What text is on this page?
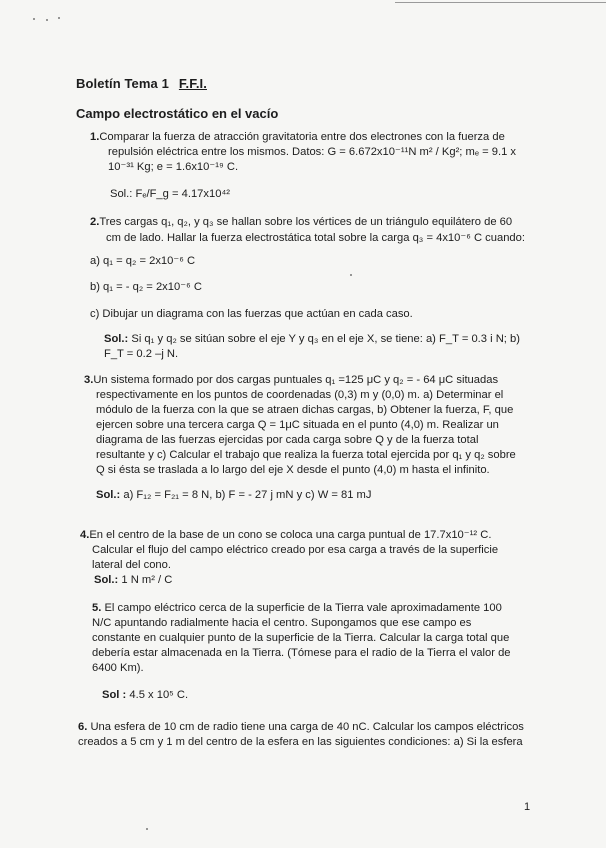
Boletín Tema 1 F.F.I.
Campo electrostático en el vacío

1.Comparar la fuerza de atracción gravitatoria entre dos electrones con la fuerza de

repulsión eléctrica entre los mismos. Datos: G = 6.672x10⁻¹¹N m² / Kg²; mₑ = 9.1 x

10⁻³¹ Kg; e = 1.6x10⁻¹⁹ C.

Sol.: Fₑ/F_g = 4.17x10⁴²

2.Tres cargas q₁, q₂, y q₃ se hallan sobre los vértices de un triángulo equilátero de 60

cm de lado. Hallar la fuerza electrostática total sobre la carga q₃ = 4x10⁻⁶ C cuando:

a) q₁ = q₂ = 2x10⁻⁶ C
b) q₁ = - q₂ = 2x10⁻⁶ C
c) Dibujar un diagrama con las fuerzas que actúan en cada caso.

Sol.: Si q₁ y q₂ se sitúan sobre el eje Y y q₃ en el eje X, se tiene: a) F_T = 0.3 i N; b)

F_T = 0.2 –j N.

3.Un sistema formado por dos cargas puntuales q₁ =125 μC y q₂ = - 64 μC situadas

respectivamente en los puntos de coordenadas (0,3) m y (0,0) m. a) Determinar el

módulo de la fuerza con la que se atraen dichas cargas, b) Obtener la fuerza, F, que

ejercen sobre una tercera carga Q = 1μC situada en el punto (4,0) m. Realizar un

diagrama de las fuerzas ejercidas por cada carga sobre Q y de la fuerza total

resultante y c) Calcular el trabajo que realiza la fuerza total ejercida por q₁ y q₂ sobre

Q si ésta se traslada a lo largo del eje X desde el punto (4,0) m hasta el infinito.

Sol.: a) F₁₂ = F₂₁ = 8 N, b) F = - 27 j mN y c) W = 81 mJ

4.En el centro de la base de un cono se coloca una carga puntual de 17.7x10⁻¹² C.

Calcular el flujo del campo eléctrico creado por esa carga a través de la superficie

lateral del cono.

Sol.: 1 N m² / C

5. El campo eléctrico cerca de la superficie de la Tierra vale aproximadamente 100

N/C apuntando radialmente hacia el centro. Supongamos que ese campo es

constante en cualquier punto de la superficie de la Tierra. Calcular la carga total que

debería estar almacenada en la Tierra. (Tómese para el radio de la Tierra el valor de

6400 Km).

Sol : 4.5 x 10⁵ C.

6. Una esfera de 10 cm de radio tiene una carga de 40 nC. Calcular los campos eléctricos

creados a 5 cm y 1 m del centro de la esfera en las siguientes condiciones: a) Si la esfera

1
